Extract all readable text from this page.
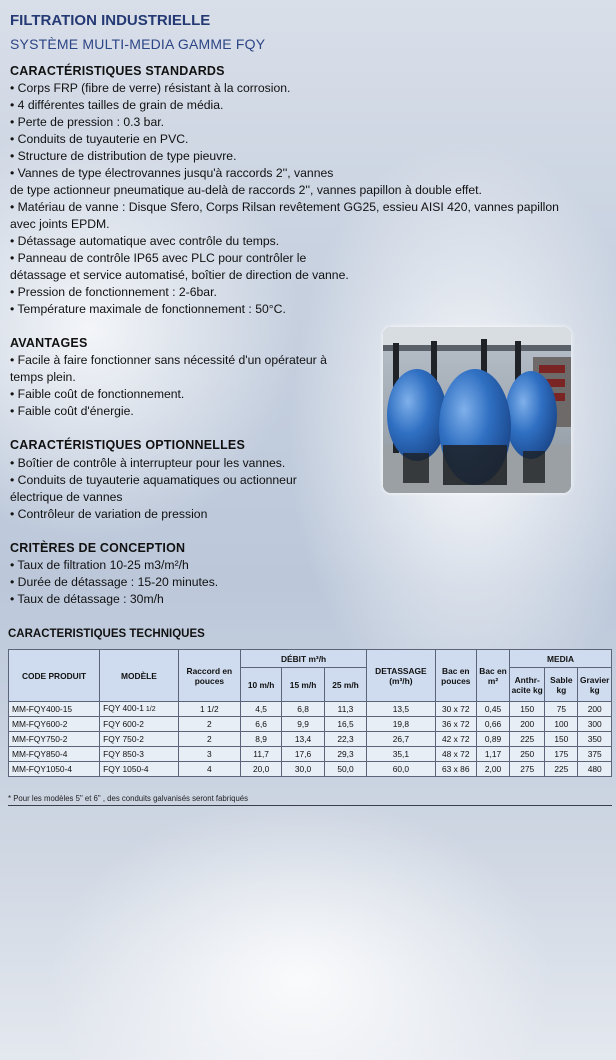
FILTRATION INDUSTRIELLE
SYSTÈME MULTI-MEDIA GAMME FQY
CARACTÉRISTIQUES STANDARDS
• Corps FRP (fibre de verre) résistant à la corrosion.
• 4 différentes tailles de grain de média.
• Perte de pression : 0.3 bar.
• Conduits de tuyauterie en PVC.
• Structure de distribution de type pieuvre.
• Vannes de type électrovannes jusqu'à raccords 2'', vannes
de type actionneur pneumatique au-delà de raccords 2'', vannes papillon à double effet.
• Matériau de vanne : Disque Sfero, Corps Rilsan revêtement GG25, essieu AISI 420, vannes papillon
avec joints EPDM.
• Détassage automatique avec contrôle du temps.
• Panneau de contrôle IP65 avec PLC pour contrôler le
détassage et service automatisé, boîtier de direction de vanne.
• Pression de fonctionnement : 2-6bar.
• Température maximale de fonctionnement : 50°C.
AVANTAGES
• Facile à faire fonctionner sans nécessité d'un opérateur à
temps plein.
• Faible coût de fonctionnement.
• Faible coût d'énergie.
CARACTÉRISTIQUES OPTIONNELLES
• Boîtier de contrôle à interrupteur pour les vannes.
• Conduits de tuyauterie aquamatiques ou actionneur
électrique de vannes
• Contrôleur de variation de pression
CRITÈRES DE CONCEPTION
• Taux de filtration 10-25 m3/m²/h
• Durée de détassage : 15-20 minutes.
• Taux de détassage : 30m/h
CARACTERISTIQUES TECHNIQUES
CODE PRODUIT	MODÈLE	Raccord en pouces	DÉBIT m³/h			DETASSAGE (m³/h)	Bac en pouces	Bac en m²	MEDIA		
			10 m/h	15 m/h	25 m/h				Anthr-acite kg	Sable kg	Gravier kg
MM-FQY400-15	FQY 400-1 1/2	1 1/2	4,5	6,8	11,3	13,5	30 x 72	0,45	150	75	200
MM-FQY600-2	FQY 600-2	2	6,6	9,9	16,5	19,8	36 x 72	0,66	200	100	300
MM-FQY750-2	FQY 750-2	2	8,9	13,4	22,3	26,7	42 x 72	0,89	225	150	350
MM-FQY850-4	FQY 850-3	3	11,7	17,6	29,3	35,1	48 x 72	1,17	250	175	375
MM-FQY1050-4	FQY 1050-4	4	20,0	30,0	50,0	60,0	63 x 86	2,00	275	225	480
* Pour les modèles 5" et 6" , des conduits galvanisés seront fabriqués
